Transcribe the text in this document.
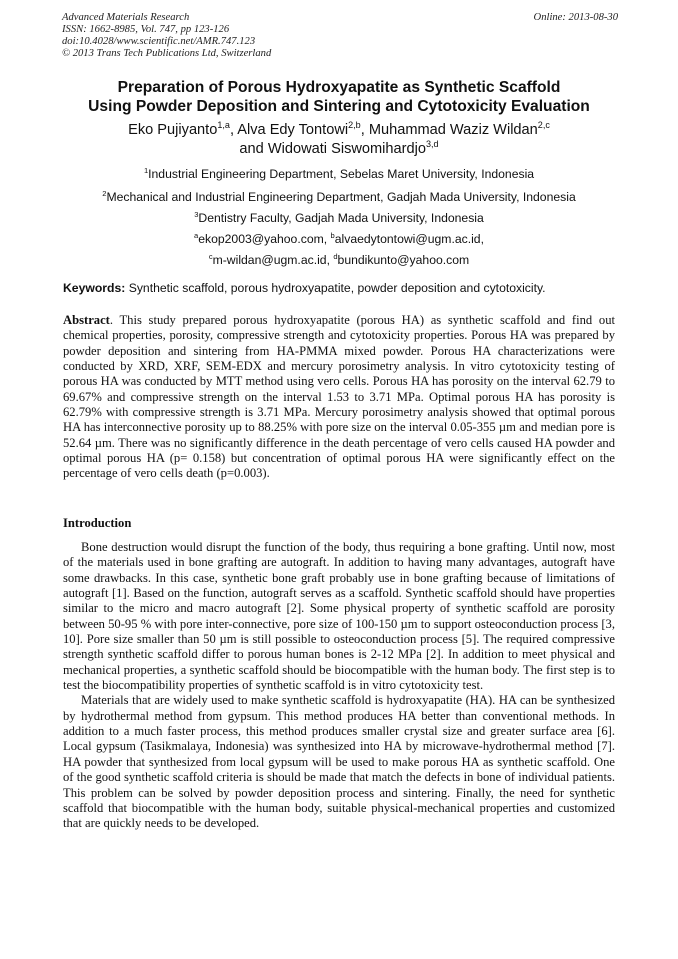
Advanced Materials Research
ISSN: 1662-8985, Vol. 747, pp 123-126
doi:10.4028/www.scientific.net/AMR.747.123
© 2013 Trans Tech Publications Ltd, Switzerland
Online: 2013-08-30
Preparation of Porous Hydroxyapatite as Synthetic Scaffold
Using Powder Deposition and Sintering and Cytotoxicity Evaluation
Eko Pujiyanto$^{1,a}$, Alva Edy Tontowi$^{2,b}$, Muhammad Waziz Wildan$^{2,c}$
and Widowati Siswomihardjo$^{3,d}$
$^1$Industrial Engineering Department, Sebelas Maret University, Indonesia
$^2$Mechanical and Industrial Engineering Department, Gadjah Mada University, Indonesia
$^3$Dentistry Faculty, Gadjah Mada University, Indonesia
$^a$ekop2003@yahoo.com, $^b$alvaedytontowi@ugm.ac.id,
$^c$m-wildan@ugm.ac.id, $^d$bundikunto@yahoo.com
Keywords: Synthetic scaffold, porous hydroxyapatite, powder deposition and cytotoxicity.

Abstract. This study prepared porous hydroxyapatite (porous HA) as synthetic scaffold and find out chemical properties, porosity, compressive strength and cytotoxicity properties. Porous HA was prepared by powder deposition and sintering from HA-PMMA mixed powder. Porous HA characterizations were conducted by XRD, XRF, SEM-EDX and mercury porosimetry analysis. In vitro cytotoxicity testing of porous HA was conducted by MTT method using vero cells. Porous HA has porosity on the interval 62.79 to 69.67% and compressive strength on the interval 1.53 to 3.71 MPa. Optimal porous HA has porosity is 62.79% with compressive strength is 3.71 MPa. Mercury porosimetry analysis showed that optimal porous HA has interconnective porosity up to 88.25% with pore size on the interval 0.05-355 µm and median pore is 52.64 µm. There was no significantly difference in the death percentage of vero cells caused HA powder and optimal porous HA (p= 0.158) but concentration of optimal porous HA were significantly effect on the percentage of vero cells death (p=0.003).

Introduction

Bone destruction would disrupt the function of the body, thus requiring a bone grafting. Until now, most of the materials used in bone grafting are autograft. In addition to having many advantages, autograft have some drawbacks. In this case, synthetic bone graft probably use in bone grafting because of limitations of autograft [1]. Based on the function, autograft serves as a scaffold. Synthetic scaffold should have properties similar to the micro and macro autograft [2]. Some physical property of synthetic scaffold are porosity between 50-95 % with pore inter-connective, pore size of 100-150 µm to support osteoconduction process [3, 10]. Pore size smaller than 50 µm is still possible to osteoconduction process [5]. The required compressive strength synthetic scaffold differ to porous human bones is 2-12 MPa [2]. In addition to meet physical and mechanical properties, a synthetic scaffold should be biocompatible with the human body. The first step is to test the biocompatibility properties of synthetic scaffold is in vitro cytotoxicity test.

Materials that are widely used to make synthetic scaffold is hydroxyapatite (HA). HA can be synthesized by hydrothermal method from gypsum. This method produces HA better than conventional methods. In addition to a much faster process, this method produces smaller crystal size and greater surface area [6]. Local gypsum (Tasikmalaya, Indonesia) was synthesized into HA by microwave-hydrothermal method [7]. HA powder that synthesized from local gypsum will be used to make porous HA as synthetic scaffold. One of the good synthetic scaffold criteria is should be made that match the defects in bone of individual patients. This problem can be solved by powder deposition process and sintering. Finally, the need for synthetic scaffold that biocompatible with the human body, suitable physical-mechanical properties and customized that are quickly needs to be developed.
